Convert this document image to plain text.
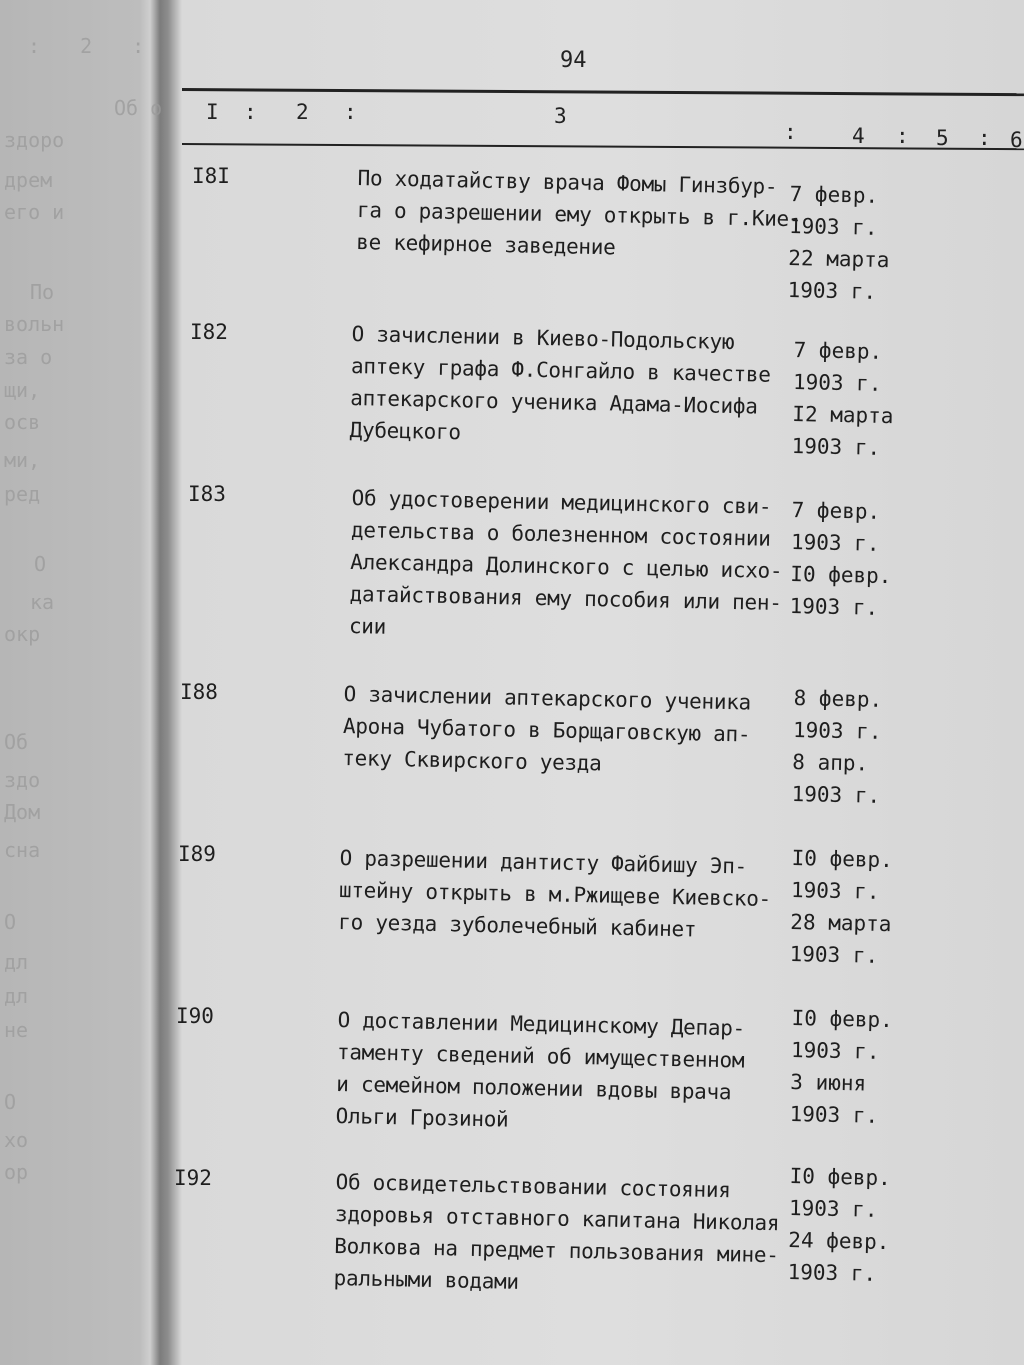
: 2 :
Об о
здоро
дрем
его и
По
вольн
за о
щи,
осв
ми,
ред
О
ка
окр
Об
здо
Дом
сна
О
дл
дл
не
О
хо
ор
94
I : 2 :	3
:	4 : 5 : 6
I8I	По ходатайству врача Фомы Гинзбур-
га о разрешении ему открыть в г.Кие-
ве кефирное заведение
7 февр.
1903 г.
22 марта
1903 г.
I82	О зачислении в Киево-Подольскую
аптеку графа Ф.Сонгайло в качестве
аптекарского ученика Адама-Иосифа
Дубецкого
7 февр.
1903 г.
I2 марта
1903 г.
I83	Об удостоверении медицинского сви-
детельства о болезненном состоянии
Александра Долинского с целью исхо-
датайствования ему пособия или пен-
сии
7 февр.
1903 г.
I0 февр.
1903 г.
I88	О зачислении аптекарского ученика
Арона Чубатого в Борщаговскую ап-
теку Сквирского уезда
8 февр.
1903 г.
8 апр.
1903 г.
I89	О разрешении дантисту Файбишу Эп-
штейну открыть в м.Ржищеве Киевско-
го уезда зуболечебный кабинет
I0 февр.
1903 г.
28 марта
1903 г.
I90	О доставлении Медицинскому Депар-
таменту сведений об имущественном
и семейном положении вдовы врача
Ольги Грозиной
I0 февр.
1903 г.
3 июня
1903 г.
I92	Об освидетельствовании состояния
здоровья отставного капитана Николая
Волкова на предмет пользования мине-
ральными водами
I0 февр.
1903 г.
24 февр.
1903 г.
